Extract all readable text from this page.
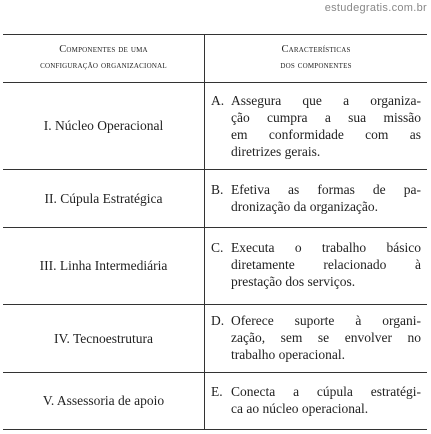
estudegratis.com.br
Componentes de uma
configuração organizacional
Características
dos componentes
I. Núcleo Operacional
II. Cúpula Estratégica
III. Linha Intermediária
IV. Tecnoestrutura
V. Assessoria de apoio
A. Assegura que a organiza-
ção cumpra a sua missão
em conformidade com as
diretrizes gerais.
B. Efetiva as formas de pa-
dronização da organização.
C. Executa o trabalho básico
diretamente relacionado à
prestação dos serviços.
D. Oferece suporte à organi-
zação, sem se envolver no
trabalho operacional.
E. Conecta a cúpula estratégi-
ca ao núcleo operacional.
